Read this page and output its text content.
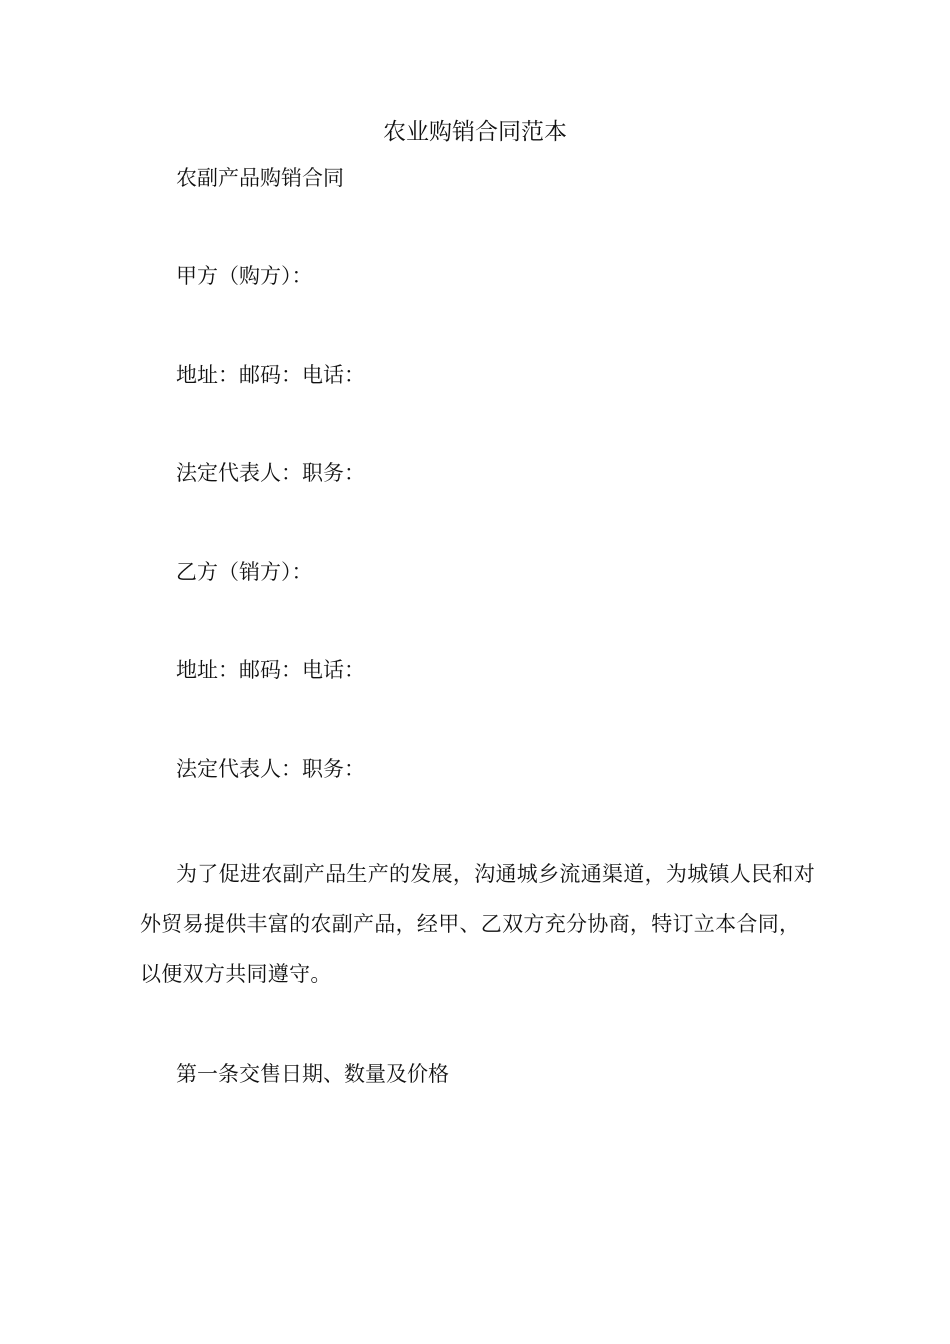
农业购销合同范本

农副产品购销合同

甲方（购方）：

地址：邮码：电话：

法定代表人：职务：

乙方（销方）：

地址：邮码：电话：

法定代表人：职务：

为了促进农副产品生产的发展，沟通城乡流通渠道，为城镇人民和对外贸易提供丰富的农副产品，经甲、乙双方充分协商，特订立本合同，以便双方共同遵守。

第一条交售日期、数量及价格
